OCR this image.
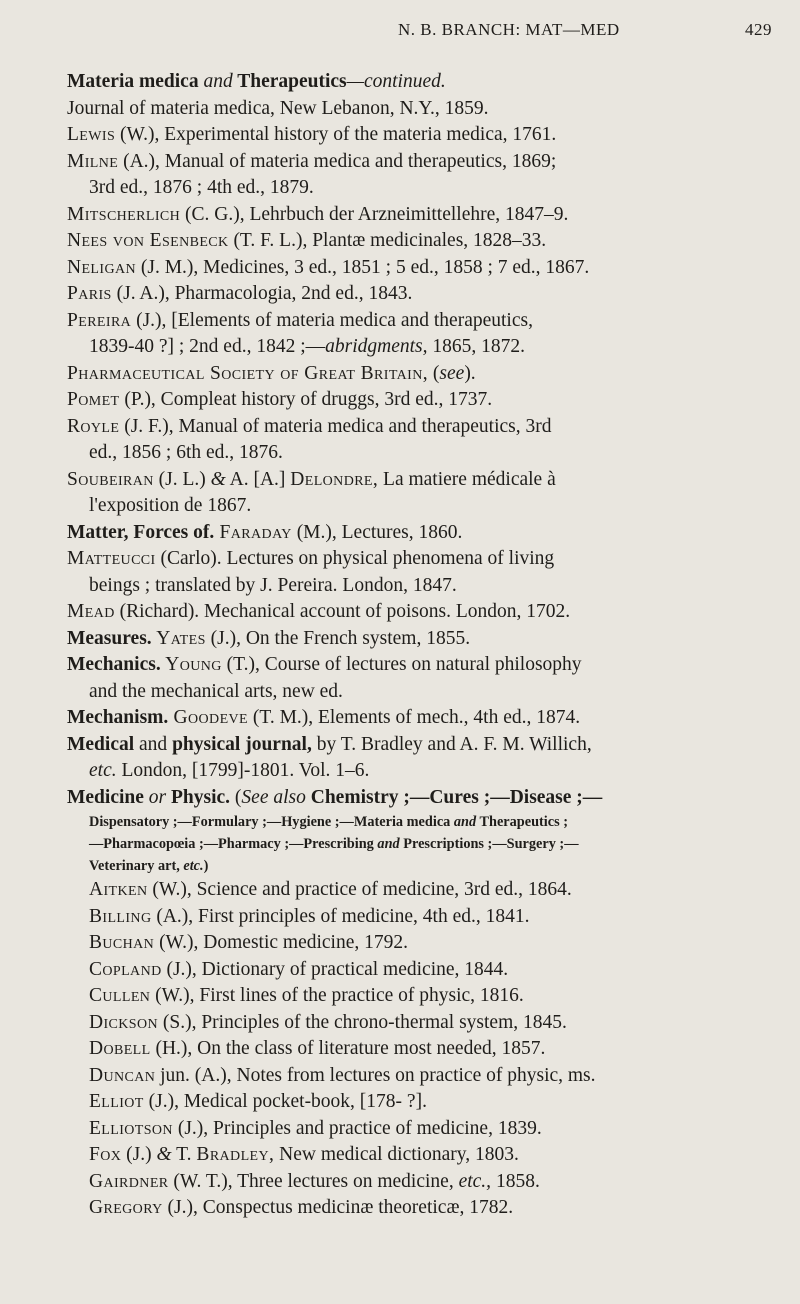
N. B. BRANCH: MAT—MED	429
Materia medica and Therapeutics—continued.
Journal of materia medica, New Lebanon, N.Y., 1859.
Lewis (W.), Experimental history of the materia medica, 1761.
Milne (A.), Manual of materia medica and therapeutics, 1869;
3rd ed., 1876 ; 4th ed., 1879.
Mitscherlich (C. G.), Lehrbuch der Arzneimittellehre, 1847–9.
Nees von Esenbeck (T. F. L.), Plantæ medicinales, 1828–33.
Neligan (J. M.), Medicines, 3 ed., 1851 ; 5 ed., 1858 ; 7 ed., 1867.
Paris (J. A.), Pharmacologia, 2nd ed., 1843.
Pereira (J.), [Elements of materia medica and therapeutics,
1839-40 ?] ; 2nd ed., 1842 ;—abridgments, 1865, 1872.
Pharmaceutical Society of Great Britain, (see).
Pomet (P.), Compleat history of druggs, 3rd ed., 1737.
Royle (J. F.), Manual of materia medica and therapeutics, 3rd
ed., 1856 ; 6th ed., 1876.
Soubeiran (J. L.) & A. [A.] Delondre, La matiere médicale à
l'exposition de 1867.
Matter, Forces of. Faraday (M.), Lectures, 1860.
Matteucci (Carlo). Lectures on physical phenomena of living
beings ; translated by J. Pereira. London, 1847.
Mead (Richard). Mechanical account of poisons. London, 1702.
Measures. Yates (J.), On the French system, 1855.
Mechanics. Young (T.), Course of lectures on natural philosophy
and the mechanical arts, new ed.
Mechanism. Goodeve (T. M.), Elements of mech., 4th ed., 1874.
Medical and physical journal, by T. Bradley and A. F. M. Willich,
etc. London, [1799]-1801. Vol. 1–6.
Medicine or Physic. (See also Chemistry ;—Cures ;—Disease ;—
Dispensatory ;—Formulary ;—Hygiene ;—Materia medica and Therapeutics ;
—Pharmacopœia ;—Pharmacy ;—Prescribing and Prescriptions ;—Surgery ;—
Veterinary art, etc.)
Aitken (W.), Science and practice of medicine, 3rd ed., 1864.
Billing (A.), First principles of medicine, 4th ed., 1841.
Buchan (W.), Domestic medicine, 1792.
Copland (J.), Dictionary of practical medicine, 1844.
Cullen (W.), First lines of the practice of physic, 1816.
Dickson (S.), Principles of the chrono-thermal system, 1845.
Dobell (H.), On the class of literature most needed, 1857.
Duncan jun. (A.), Notes from lectures on practice of physic, ms.
Elliot (J.), Medical pocket-book, [178- ?].
Elliotson (J.), Principles and practice of medicine, 1839.
Fox (J.) & T. Bradley, New medical dictionary, 1803.
Gairdner (W. T.), Three lectures on medicine, etc., 1858.
Gregory (J.), Conspectus medicinæ theoreticæ, 1782.
